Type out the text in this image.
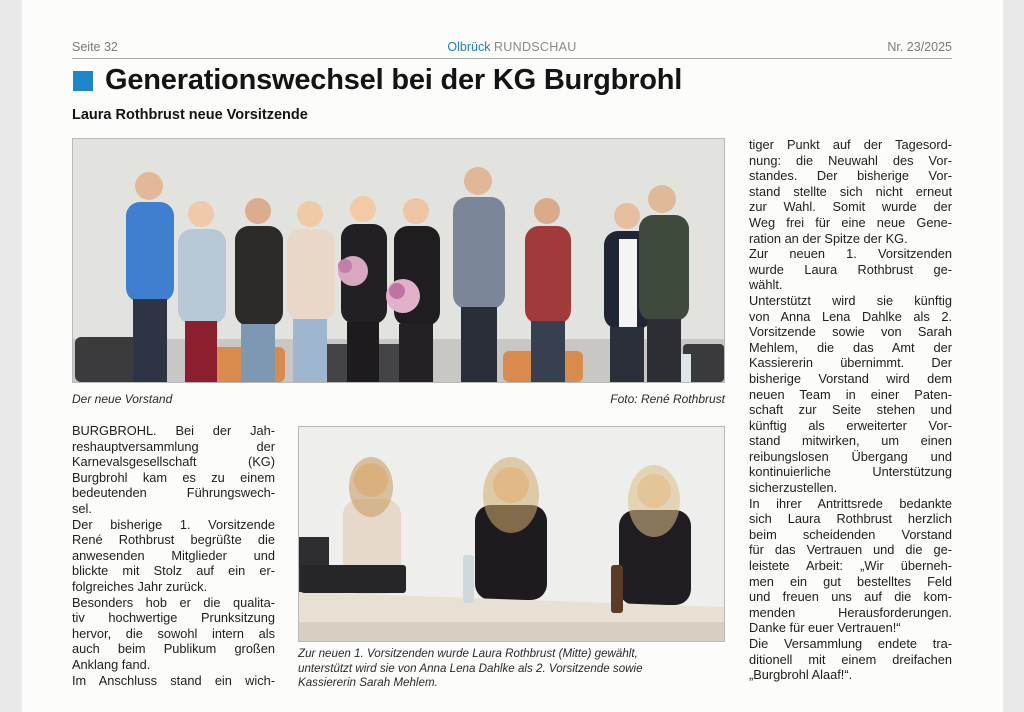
Seite 32	Olbrück RUNDSCHAU	Nr. 23/2025
Generationswechsel bei der KG Burgbrohl
Laura Rothbrust neue Vorsitzende
Der neue Vorstand	Foto: René Rothbrust
Zur neuen 1. Vorsitzenden wurde Laura Rothbrust (Mitte) gewählt,
unterstützt wird sie von Anna Lena Dahlke als 2. Vorsitzende sowie
Kassiererin Sarah Mehlem.
BURGBROHL. Bei der Jah-
reshauptversammlung der
Karnevalsgesellschaft (KG)
Burgbrohl kam es zu einem
bedeutenden Führungswech-
sel.
Der bisherige 1. Vorsitzende
René Rothbrust begrüßte die
anwesenden Mitglieder und
blickte mit Stolz auf ein er-
folgreiches Jahr zurück.
Besonders hob er die qualita-
tiv hochwertige Prunksitzung
hervor, die sowohl intern als
auch beim Publikum großen
Anklang fand.
Im Anschluss stand ein wich-
tiger Punkt auf der Tagesord-
nung: die Neuwahl des Vor-
standes. Der bisherige Vor-
stand stellte sich nicht erneut
zur Wahl. Somit wurde der
Weg frei für eine neue Gene-
ration an der Spitze der KG.
Zur neuen 1. Vorsitzenden
wurde Laura Rothbrust ge-
wählt.
Unterstützt wird sie künftig
von Anna Lena Dahlke als 2.
Vorsitzende sowie von Sarah
Mehlem, die das Amt der
Kassiererin übernimmt. Der
bisherige Vorstand wird dem
neuen Team in einer Paten-
schaft zur Seite stehen und
künftig als erweiterter Vor-
stand mitwirken, um einen
reibungslosen Übergang und
kontinuierliche Unterstützung
sicherzustellen.
In ihrer Antrittsrede bedankte
sich Laura Rothbrust herzlich
beim scheidenden Vorstand
für das Vertrauen und die ge-
leistete Arbeit: „Wir überneh-
men ein gut bestelltes Feld
und freuen uns auf die kom-
menden Herausforderungen.
Danke für euer Vertrauen!“
Die Versammlung endete tra-
ditionell mit einem dreifachen
„Burgbrohl Alaaf!“.
